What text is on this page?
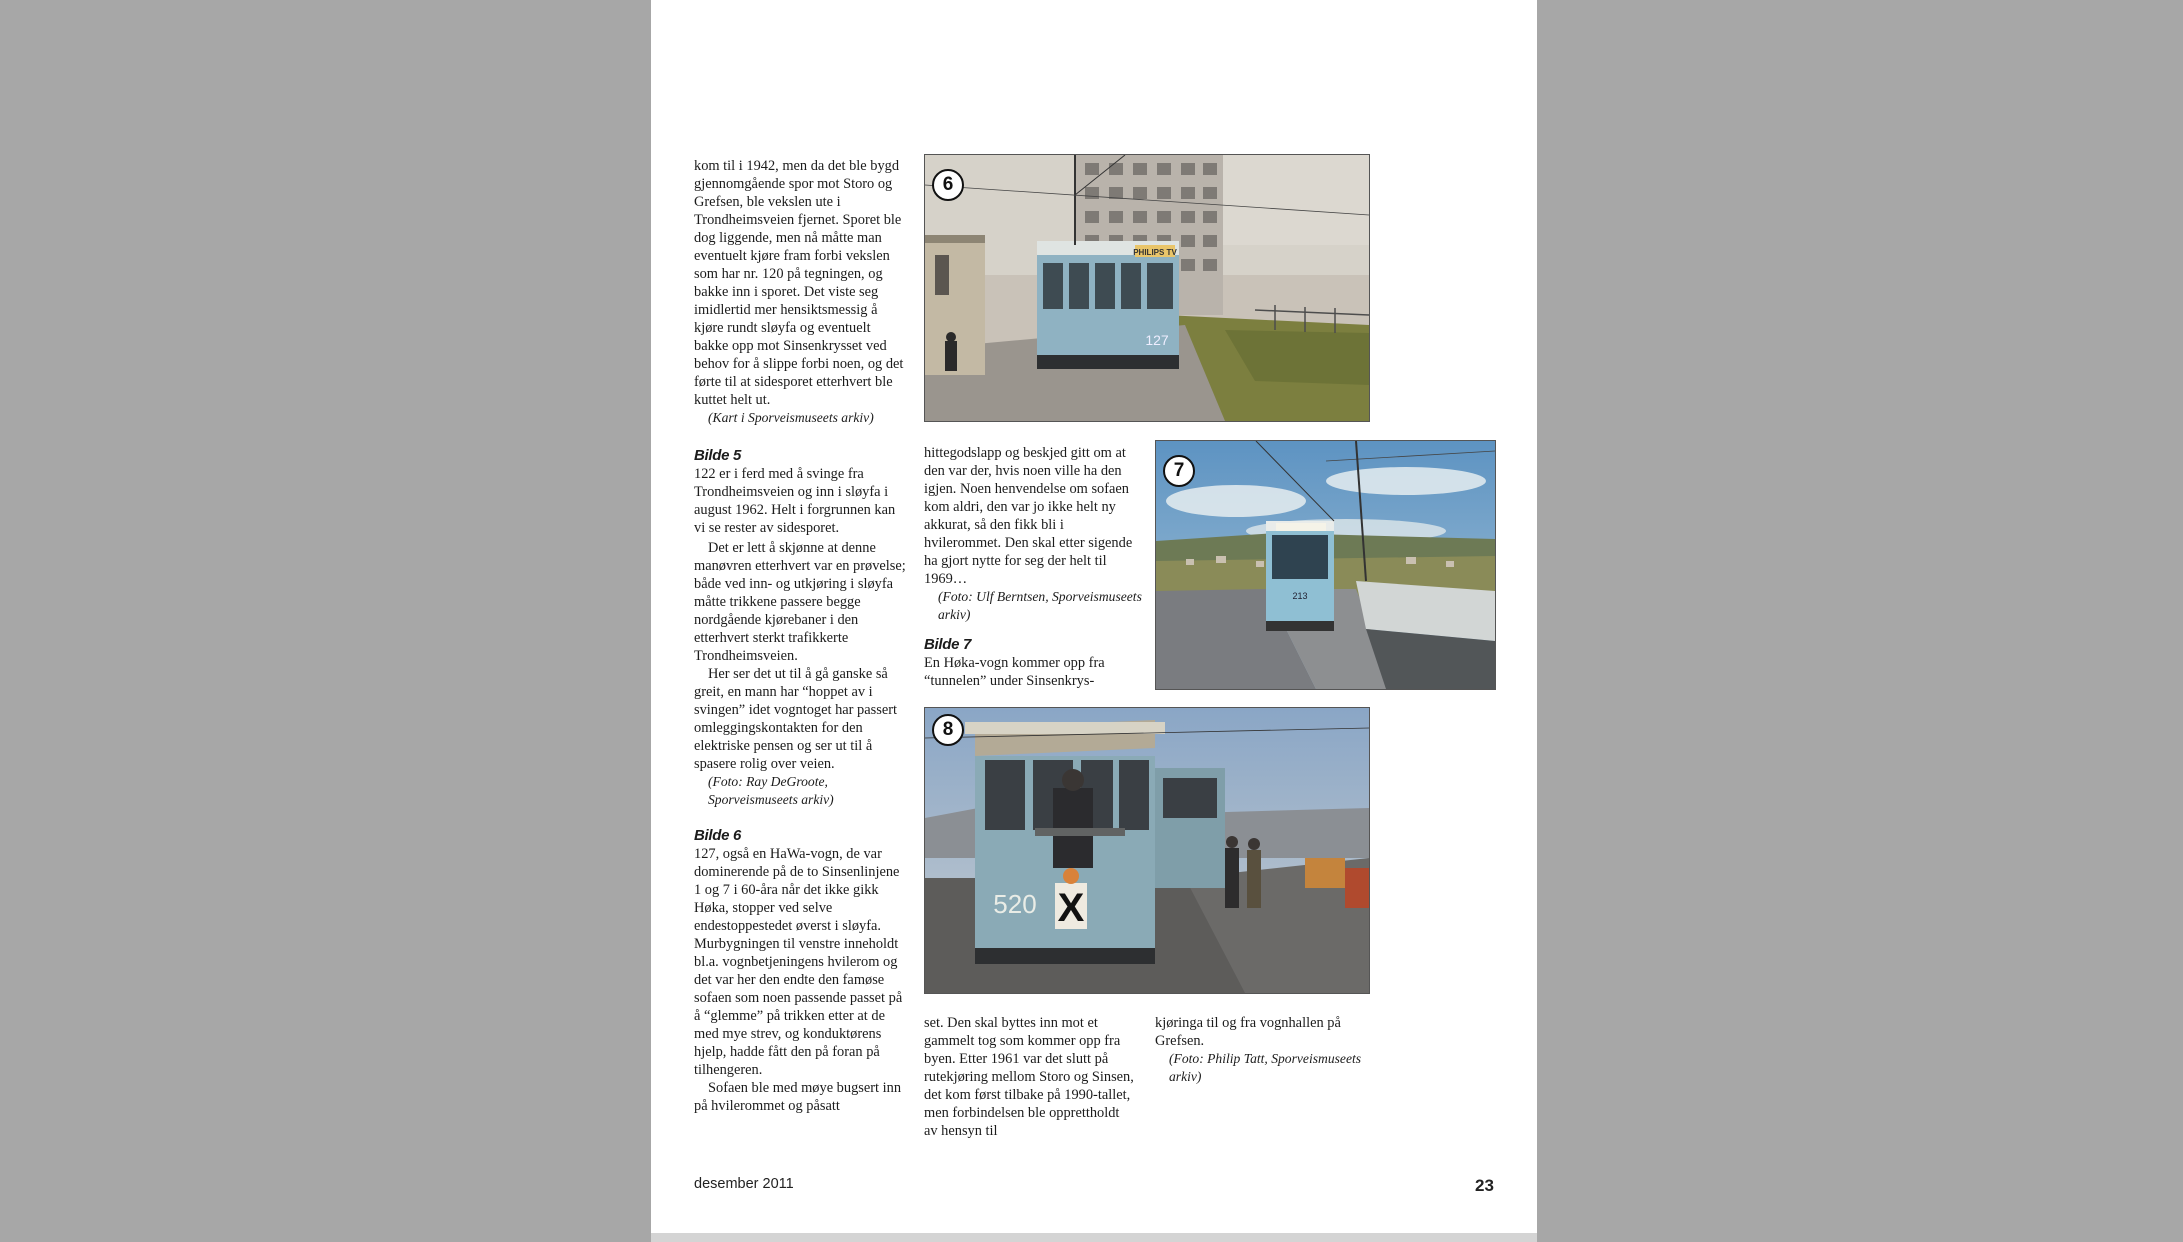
kom til i 1942, men da det ble bygd gjennomgående spor mot Storo og Grefsen, ble vekslen ute i Trondheimsveien fjernet. Sporet ble dog liggende, men nå måtte man eventuelt kjøre fram forbi vekslen som har nr. 120 på tegningen, og bakke inn i sporet. Det viste seg imidlertid mer hensiktsmessig å kjøre rundt sløyfa og eventuelt bakke opp mot Sinsenkrysset ved behov for å slippe forbi noen, og det førte til at sidesporet etterhvert ble kuttet helt ut.

(Kart i Sporveismuseets arkiv)

Bilde 5

122 er i ferd med å svinge fra Trondheimsveien og inn i sløyfa i august 1962. Helt i forgrunnen kan vi se rester av sidesporet.

Det er lett å skjønne at denne manøvren etterhvert var en prøvelse; både ved inn- og utkjøring i sløyfa måtte trikkene passere begge nordgående kjørebaner i den etterhvert sterkt trafikkerte Trondheimsveien.

Her ser det ut til å gå ganske så greit, en mann har “hoppet av i svingen” idet vogntoget har passert omleggingskontakten for den elektriske pensen og ser ut til å spasere rolig over veien.

(Foto: Ray DeGroote, Sporveismuseets arkiv)

Bilde 6

127, også en HaWa-vogn, de var dominerende på de to Sinsenlinjene 1 og 7 i 60-åra når det ikke gikk Høka, stopper ved selve endestoppestedet øverst i sløyfa. Murbygningen til venstre inneholdt bl.a. vognbetjeningens hvilerom og det var her den endte den famøse sofaen som noen passende passet på å “glemme” på trikken etter at de med mye strev, og konduktørens hjelp, hadde fått den på foran på tilhengeren.

Sofaen ble med møye bugsert inn på hvilerommet og påsatt

hittegodslapp og beskjed gitt om at den var der, hvis noen ville ha den igjen. Noen henvendelse om sofaen kom aldri, den var jo ikke helt ny akkurat, så den fikk bli i hvilerommet. Den skal etter sigende ha gjort nytte for seg der helt til 1969…

(Foto: Ulf Berntsen, Sporveismuseets arkiv)

Bilde 7

En Høka-vogn kommer opp fra “tunnelen” under Sinsenkrys-

set. Den skal byttes inn mot et gammelt tog som kommer opp fra byen. Etter 1961 var det slutt på rutekjøring mellom Storo og Sinsen, det kom først tilbake på 1990-tallet, men forbindelsen ble opprettholdt av hensyn til

kjøringa til og fra vognhallen på Grefsen.

(Foto: Philip Tatt, Sporveismuseets arkiv)

PHILIPS TV
127
6
213
7
520 X
8
desember 2011	23
